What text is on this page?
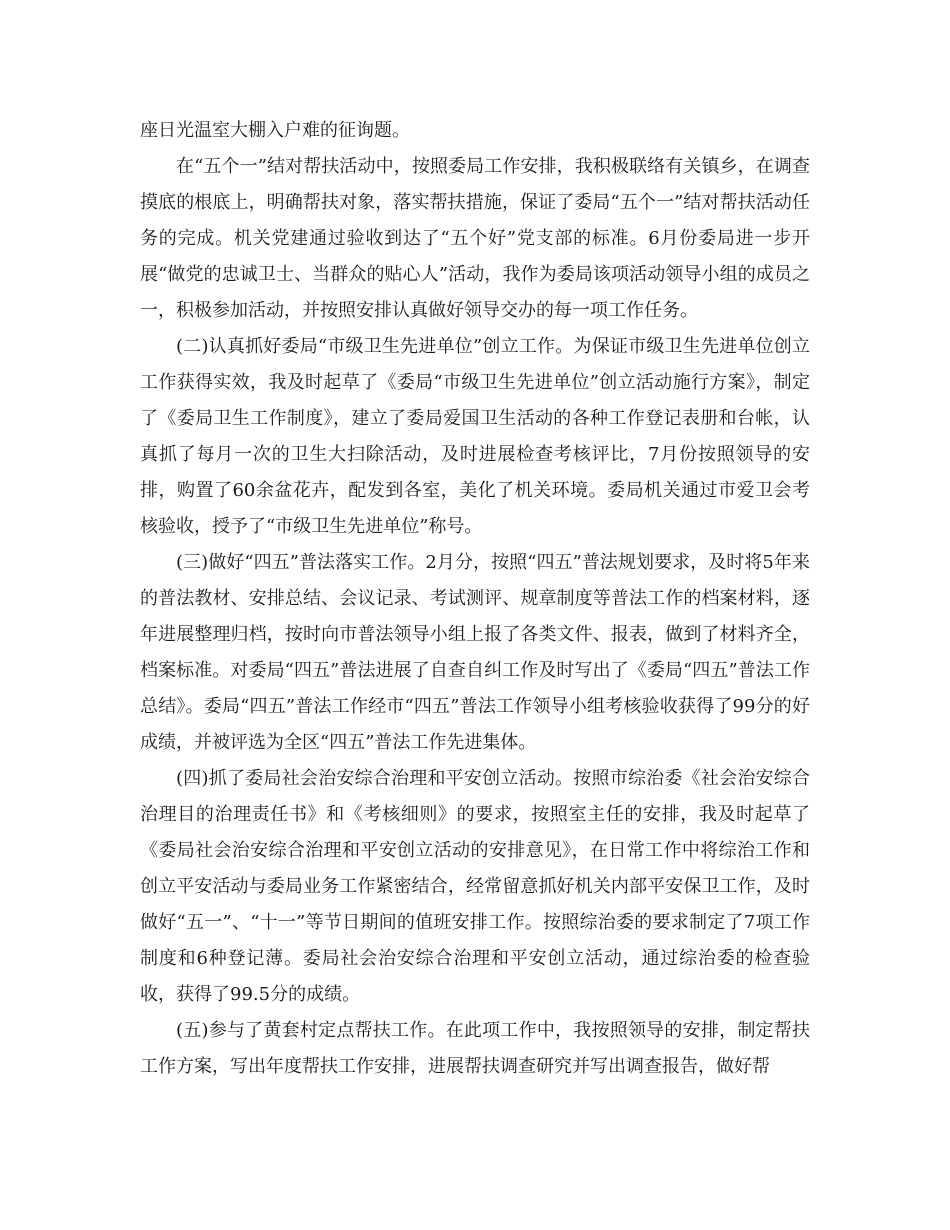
座日光温室大棚入户难的征询题。

在“五个一”结对帮扶活动中，按照委局工作安排，我积极联络有关镇乡，在调查摸底的根底上，明确帮扶对象，落实帮扶措施，保证了委局“五个一”结对帮扶活动任务的完成。机关党建通过验收到达了“五个好”党支部的标准。6月份委局进一步开展“做党的忠诚卫士、当群众的贴心人”活动，我作为委局该项活动领导小组的成员之一，积极参加活动，并按照安排认真做好领导交办的每一项工作任务。

(二)认真抓好委局“市级卫生先进单位”创立工作。为保证市级卫生先进单位创立工作获得实效，我及时起草了《委局“市级卫生先进单位”创立活动施行方案》，制定了《委局卫生工作制度》，建立了委局爱国卫生活动的各种工作登记表册和台帐，认真抓了每月一次的卫生大扫除活动，及时进展检查考核评比，7月份按照领导的安排，购置了60余盆花卉，配发到各室，美化了机关环境。委局机关通过市爱卫会考核验收，授予了“市级卫生先进单位”称号。

(三)做好“四五”普法落实工作。2月分，按照“四五”普法规划要求，及时将5年来的普法教材、安排总结、会议记录、考试测评、规章制度等普法工作的档案材料，逐年进展整理归档，按时向市普法领导小组上报了各类文件、报表，做到了材料齐全，档案标准。对委局“四五”普法进展了自查自纠工作及时写出了《委局“四五”普法工作总结》。委局“四五”普法工作经市“四五”普法工作领导小组考核验收获得了99分的好成绩，并被评选为全区“四五”普法工作先进集体。

(四)抓了委局社会治安综合治理和平安创立活动。按照市综治委《社会治安综合治理目的治理责任书》和《考核细则》的要求，按照室主任的安排，我及时起草了《委局社会治安综合治理和平安创立活动的安排意见》，在日常工作中将综治工作和创立平安活动与委局业务工作紧密结合，经常留意抓好机关内部平安保卫工作，及时做好“五一”、“十一”等节日期间的值班安排工作。按照综治委的要求制定了7项工作制度和6种登记薄。委局社会治安综合治理和平安创立活动，通过综治委的检查验收，获得了99.5分的成绩。

(五)参与了黄套村定点帮扶工作。在此项工作中，我按照领导的安排，制定帮扶工作方案，写出年度帮扶工作安排，进展帮扶调查研究并写出调查报告，做好帮
